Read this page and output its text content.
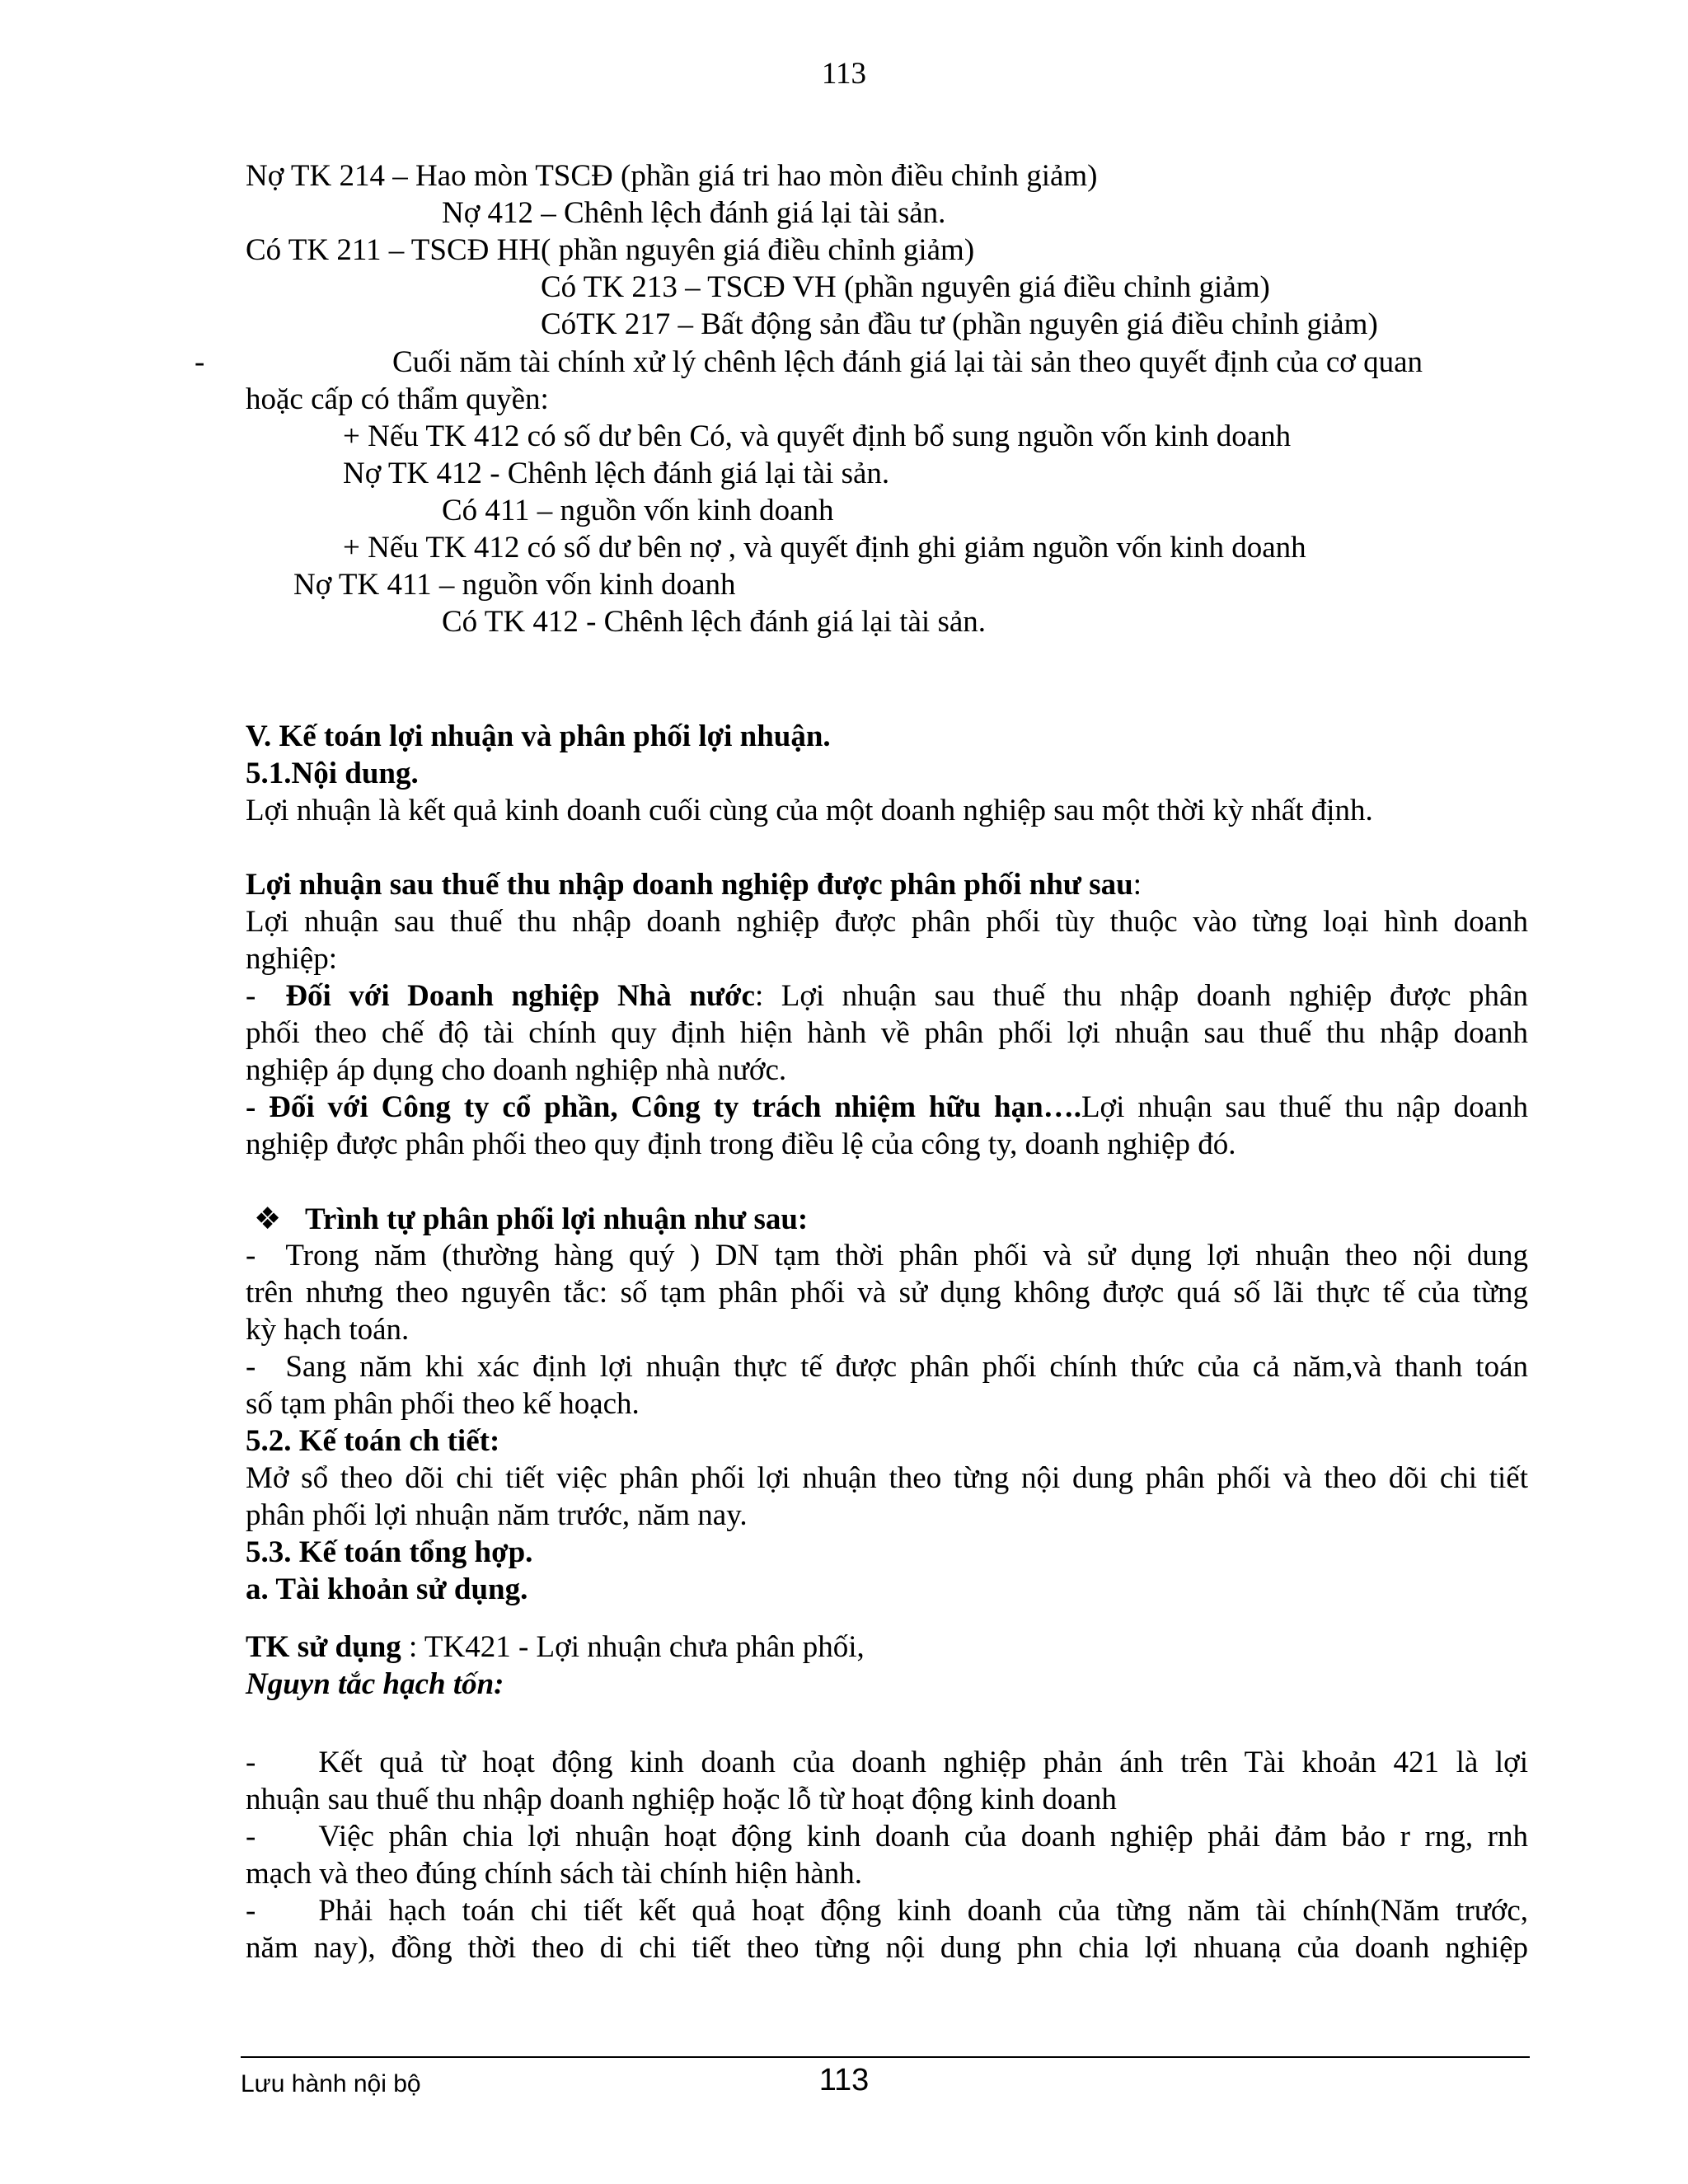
113
Nợ TK 214 – Hao mòn TSCĐ (phần giá tri hao mòn điều chỉnh giảm)
Nợ 412 – Chênh lệch đánh giá lại tài sản.
Có TK 211 – TSCĐ HH( phần nguyên giá điều chỉnh giảm)
Có TK 213 – TSCĐ VH (phần nguyên giá điều chỉnh giảm)
CóTK 217 – Bất động sản đầu tư (phần nguyên giá điều chỉnh giảm)
-	Cuối năm tài chính xử lý chênh lệch đánh giá lại tài sản theo quyết định của cơ quan
hoặc cấp có thẩm quyền:
+ Nếu TK 412 có số dư bên Có, và quyết định bổ sung nguồn vốn kinh doanh
Nợ TK 412 - Chênh lệch đánh giá lại tài sản.
Có 411 – nguồn vốn kinh doanh
+ Nếu TK 412 có số dư bên nợ , và quyết định ghi giảm nguồn vốn kinh doanh
Nợ TK 411 – nguồn vốn kinh doanh
Có TK 412 - Chênh lệch đánh giá lại tài sản.
V. Kế toán lợi nhuận và phân phối lợi nhuận.
5.1.Nội dung.
Lợi nhuận là kết quả kinh doanh cuối cùng của một doanh nghiệp sau một thời kỳ nhất định.
Lợi nhuận sau thuế thu nhập doanh nghiệp được phân phối như sau:
Lợi nhuận sau thuế thu nhập doanh nghiệp được phân phối tùy thuộc vào từng loại hình doanh
nghiệp:
- Đối với Doanh nghiệp Nhà nước: Lợi nhuận sau thuế thu nhập doanh nghiệp được phân
phối theo chế độ tài chính quy định hiện hành về phân phối lợi nhuận sau thuế thu nhập doanh
nghiệp áp dụng cho doanh nghiệp nhà nước.
- Đối với Công ty cổ phần, Công ty trách nhiệm hữu hạn….Lợi nhuận sau thuế thu nập doanh
nghiệp được phân phối theo quy định trong điều lệ của công ty, doanh nghiệp đó.
❖ Trình tự phân phối lợi nhuận như sau:
- Trong năm (thường hàng quý ) DN tạm thời phân phối và sử dụng lợi nhuận theo nội dung
trên nhưng theo nguyên tắc: số tạm phân phối và sử dụng không được quá số lãi thực tế của từng
kỳ hạch toán.
- Sang năm khi xác định lợi nhuận thực tế được phân phối chính thức của cả năm,và thanh toán
số tạm phân phối theo kế hoạch.
5.2. Kế toán ch tiết:
Mở sổ theo dõi chi tiết việc phân phối lợi nhuận theo từng nội dung phân phối và theo dõi chi tiết
phân phối lợi nhuận năm trước, năm nay.
5.3. Kế toán tổng hợp.
a. Tài khoản sử dụng.
TK sử dụng : TK421 - Lợi nhuận chưa phân phối,
Nguyn tắc hạch tốn:
- Kết quả từ hoạt động kinh doanh của doanh nghiệp phản ánh trên Tài khoản 421 là lợi
nhuận sau thuế thu nhập doanh nghiệp hoặc lỗ từ hoạt động kinh doanh
- Việc phân chia lợi nhuận hoạt động kinh doanh của doanh nghiệp phải đảm bảo r rng, rnh
mạch và theo đúng chính sách tài chính hiện hành.
- Phải hạch toán chi tiết kết quả hoạt động kinh doanh của từng năm tài chính(Năm trước,
năm nay), đồng thời theo di chi tiết theo từng nội dung phn chia lợi nhuanạ của doanh nghiệp
Lưu hành nội bộ	113
